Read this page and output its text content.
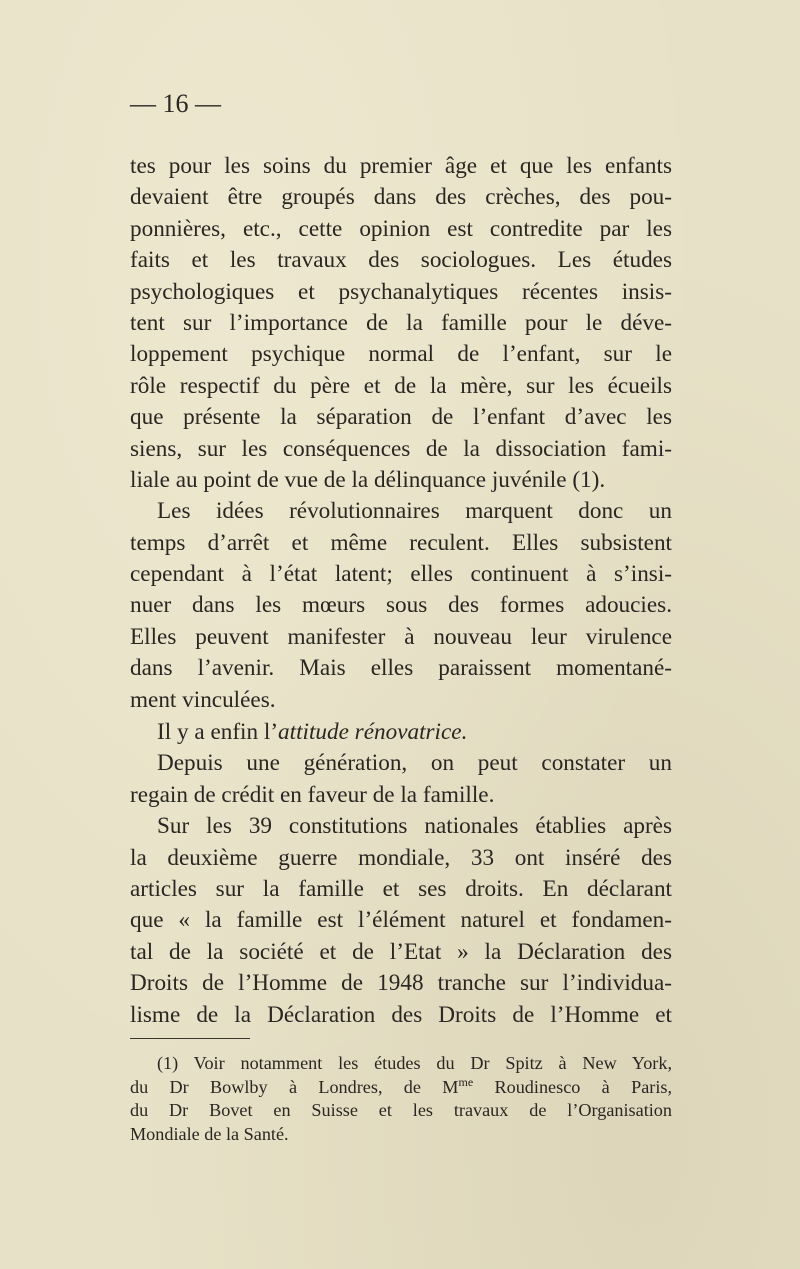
— 16 —
tes pour les soins du premier âge et que les enfants
devaient être groupés dans des crèches, des pou-
ponnières, etc., cette opinion est contredite par les
faits et les travaux des sociologues. Les études
psychologiques et psychanalytiques récentes insis-
tent sur l’importance de la famille pour le déve-
loppement psychique normal de l’enfant, sur le
rôle respectif du père et de la mère, sur les écueils
que présente la séparation de l’enfant d’avec les
siens, sur les conséquences de la dissociation fami-
liale au point de vue de la délinquance juvénile (1).
Les idées révolutionnaires marquent donc un
temps d’arrêt et même reculent. Elles subsistent
cependant à l’état latent; elles continuent à s’insi-
nuer dans les mœurs sous des formes adoucies.
Elles peuvent manifester à nouveau leur virulence
dans l’avenir. Mais elles paraissent momentané-
ment vinculées.
Il y a enfin l’attitude rénovatrice.
Depuis une génération, on peut constater un
regain de crédit en faveur de la famille.
Sur les 39 constitutions nationales établies après
la deuxième guerre mondiale, 33 ont inséré des
articles sur la famille et ses droits. En déclarant
que « la famille est l’élément naturel et fondamen-
tal de la société et de l’Etat » la Déclaration des
Droits de l’Homme de 1948 tranche sur l’individua-
lisme de la Déclaration des Droits de l’Homme et
(1) Voir notamment les études du Dr Spitz à New York,
du Dr Bowlby à Londres, de $M^{me}$ Roudinesco à Paris,
du Dr Bovet en Suisse et les travaux de l’Organisation
Mondiale de la Santé.
